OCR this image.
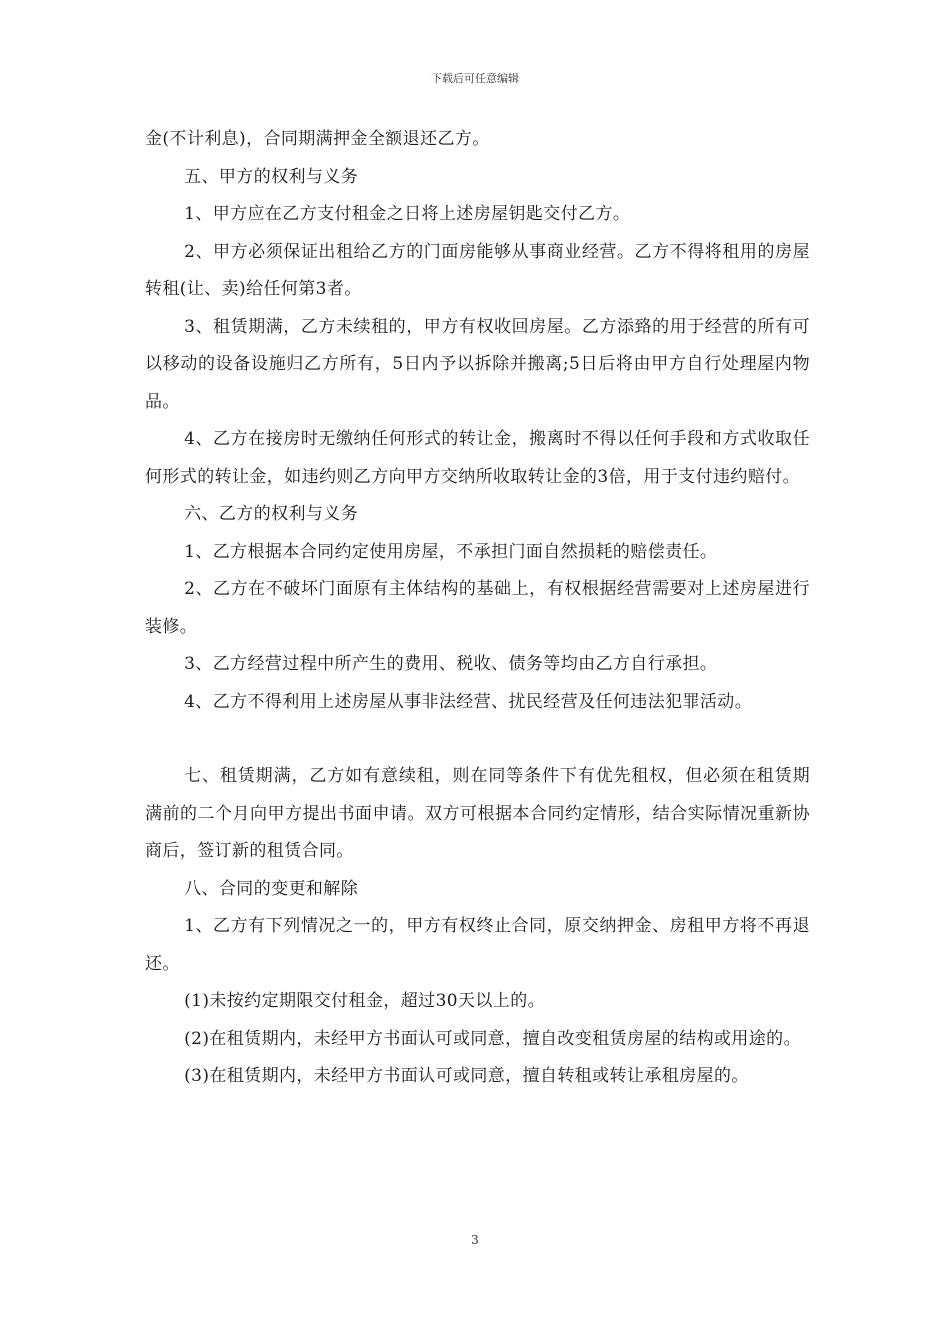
下载后可任意编辑

金(不计利息)，合同期满押金全额退还乙方。

五、甲方的权利与义务

1、甲方应在乙方支付租金之日将上述房屋钥匙交付乙方。

2、甲方必须保证出租给乙方的门面房能够从事商业经营。乙方不得将租用的房屋转租(让、卖)给任何第3者。

3、租赁期满，乙方未续租的，甲方有权收回房屋。乙方添臵的用于经营的所有可以移动的设备设施归乙方所有，5日内予以拆除并搬离;5日后将由甲方自行处理屋内物品。

4、乙方在接房时无缴纳任何形式的转让金，搬离时不得以任何手段和方式收取任何形式的转让金，如违约则乙方向甲方交纳所收取转让金的3倍，用于支付违约赔付。

六、乙方的权利与义务

1、乙方根据本合同约定使用房屋，不承担门面自然损耗的赔偿责任。

2、乙方在不破坏门面原有主体结构的基础上，有权根据经营需要对上述房屋进行装修。

3、乙方经营过程中所产生的费用、税收、债务等均由乙方自行承担。

4、乙方不得利用上述房屋从事非法经营、扰民经营及任何违法犯罪活动。

七、租赁期满，乙方如有意续租，则在同等条件下有优先租权，但必须在租赁期满前的二个月向甲方提出书面申请。双方可根据本合同约定情形，结合实际情况重新协商后，签订新的租赁合同。

八、合同的变更和解除

1、乙方有下列情况之一的，甲方有权终止合同，原交纳押金、房租甲方将不再退还。

(1)未按约定期限交付租金，超过30天以上的。

(2)在租赁期内，未经甲方书面认可或同意，擅自改变租赁房屋的结构或用途的。

(3)在租赁期内，未经甲方书面认可或同意，擅自转租或转让承租房屋的。

3
